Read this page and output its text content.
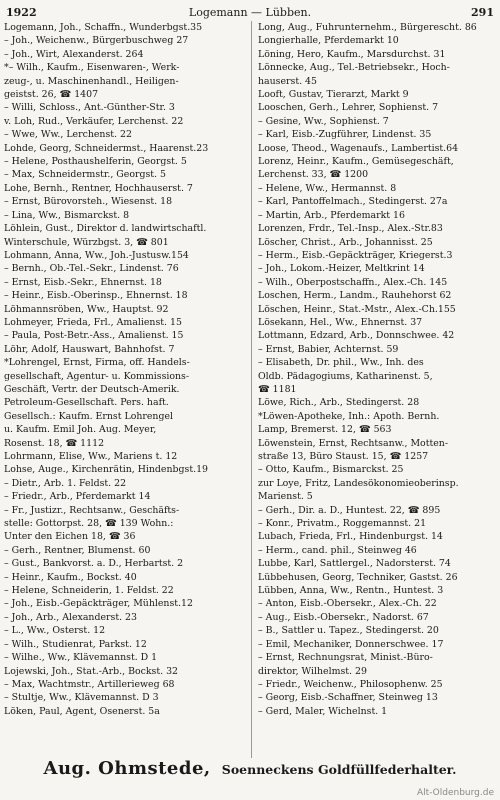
1922	Logemann — Lübben.	291
Logemann, Joh., Schaffn., Wunderbgst.35
– Joh., Weichenw., Bürgerbuschweg 27
– Joh., Wirt, Alexanderst. 264
*– Wilh., Kaufm., Eisenwaren-, Werk-
zeug-, u. Maschinenhandl., Heiligen-
geistst. 26, ☎ 1407
– Willi, Schloss., Ant.-Günther-Str. 3
v. Loh, Rud., Verkäufer, Lerchenst. 22
– Wwe, Ww., Lerchenst. 22
Lohde, Georg, Schneidermst., Haarenst.23
– Helene, Posthaushelferin, Georgst. 5
– Max, Schneidermstr., Georgst. 5
Lohe, Bernh., Rentner, Hochhauserst. 7
– Ernst, Bürovorsteh., Wiesenst. 18
– Lina, Ww., Bismarckst. 8
Löhlein, Gust., Direktor d. landwirtschaftl.
Winterschule, Würzbgst. 3, ☎ 801
Lohmann, Anna, Ww., Joh.-Justusw.154
– Bernh., Ob.-Tel.-Sekr., Lindenst. 76
– Ernst, Eisb.-Sekr., Ehnernst. 18
– Heinr., Eisb.-Oberinsp., Ehnernst. 18
Löhmannsröben, Ww., Hauptst. 92
Lohmeyer, Frieda, Frl., Amalienst. 15
– Paula, Post-Betr.-Ass., Amalienst. 15
Löhr, Adolf, Hauswart, Bahnhofst. 7
*Lohrengel, Ernst, Firma, off. Handels-
gesellschaft, Agentur- u. Kommissions-
Geschäft, Vertr. der Deutsch-Amerik.
Petroleum-Gesellschaft. Pers. haft.
Gesellsch.: Kaufm. Ernst Lohrengel
u. Kaufm. Emil Joh. Aug. Meyer,
Rosenst. 18, ☎ 1112
Lohrmann, Elise, Ww., Mariens t. 12
Lohse, Auge., Kirchenrätin, Hindenbgst.19
– Dietr., Arb. 1. Feldst. 22
– Friedr., Arb., Pferdemarkt 14
– Fr., Justizr., Rechtsanw., Geschäfts-
stelle: Gottorpst. 28, ☎ 139 Wohn.:
Unter den Eichen 18, ☎ 36
– Gerh., Rentner, Blumenst. 60
– Gust., Bankvorst. a. D., Herbartst. 2
– Heinr., Kaufm., Bockst. 40
– Helene, Schneiderin, 1. Feldst. 22
– Joh., Eisb.-Gepäckträger, Mühlenst.12
– Joh., Arb., Alexanderst. 23
– L., Ww., Osterst. 12
– Wilh., Studienrat, Parkst. 12
– Wilhe., Ww., Klävemannst. D 1
Lojewski, Joh., Stat.-Arb., Bockst. 32
– Max, Wachtmstr., Artillerieweg 68
– Stultje, Ww., Klävemannst. D 3
Löken, Paul, Agent, Osenerst. 5a
Long, Aug., Fuhrunternehm., Bürgerescht. 86
Longierhalle, Pferdemarkt 10
Löning, Hero, Kaufm., Marsdurchst. 31
Lönnecke, Aug., Tel.-Betriebsekr., Hoch-
hauserst. 45
Looft, Gustav, Tierarzt, Markt 9
Looschen, Gerh., Lehrer, Sophienst. 7
– Gesine, Ww., Sophienst. 7
– Karl, Eisb.-Zugführer, Lindenst. 35
Loose, Theod., Wagenaufs., Lambertist.64
Lorenz, Heinr., Kaufm., Gemüsegeschäft,
Lerchenst. 33, ☎ 1200
– Helene, Ww., Hermannst. 8
– Karl, Pantoffelmach., Stedingerst. 27a
– Martin, Arb., Pferdemarkt 16
Lorenzen, Frdr., Tel.-Insp., Alex.-Str.83
Löscher, Christ., Arb., Johannisst. 25
– Herm., Eisb.-Gepäckträger, Kriegerst.3
– Joh., Lokom.-Heizer, Meltkrint 14
– Wilh., Oberpostschaffn., Alex.-Ch. 145
Loschen, Herm., Landm., Rauhehorst 62
Löschen, Heinr., Stat.-Mstr., Alex.-Ch.155
Lösekann, Hel., Ww., Ehnernst. 37
Lottmann, Edzard, Arb., Donnschwee. 42
– Ernst, Babier, Achternst. 59
– Elisabeth, Dr. phil., Ww., Inh. des
Oldb. Pädagogiums, Katharinenst. 5,
☎ 1181
Löwe, Rich., Arb., Stedingerst. 28
*Löwen-Apotheke, Inh.: Apoth. Bernh.
Lamp, Bremerst. 12, ☎ 563
Löwenstein, Ernst, Rechtsanw., Motten-
straße 13, Büro Staust. 15, ☎ 1257
– Otto, Kaufm., Bismarckst. 25
zur Loye, Fritz, Landesökonomieoberinsp.
Marienst. 5
– Gerh., Dir. a. D., Huntest. 22, ☎ 895
– Konr., Privatm., Roggemannst. 21
Lubach, Frieda, Frl., Hindenburgst. 14
– Herm., cand. phil., Steinweg 46
Lubbe, Karl, Sattlergel., Nadorsterst. 74
Lübbehusen, Georg, Techniker, Gastst. 26
Lübben, Anna, Ww., Rentn., Huntest. 3
– Anton, Eisb.-Obersekr., Alex.-Ch. 22
– Aug., Eisb.-Obersekr., Nadorst. 67
– B., Sattler u. Tapez., Stedingerst. 20
– Emil, Mechaniker, Donnerschwee. 17
– Ernst, Rechnungsrat, Minist.-Büro-
direktor, Wilhelmst. 29
– Friedr., Weichenw., Philosophenw. 25
– Georg, Eisb.-Schaffner, Steinweg 13
– Gerd, Maler, Wichelnst. 1
Aug. Ohmstede, Soenneckens Goldfüllfederhalter.
Alt-Oldenburg.de
